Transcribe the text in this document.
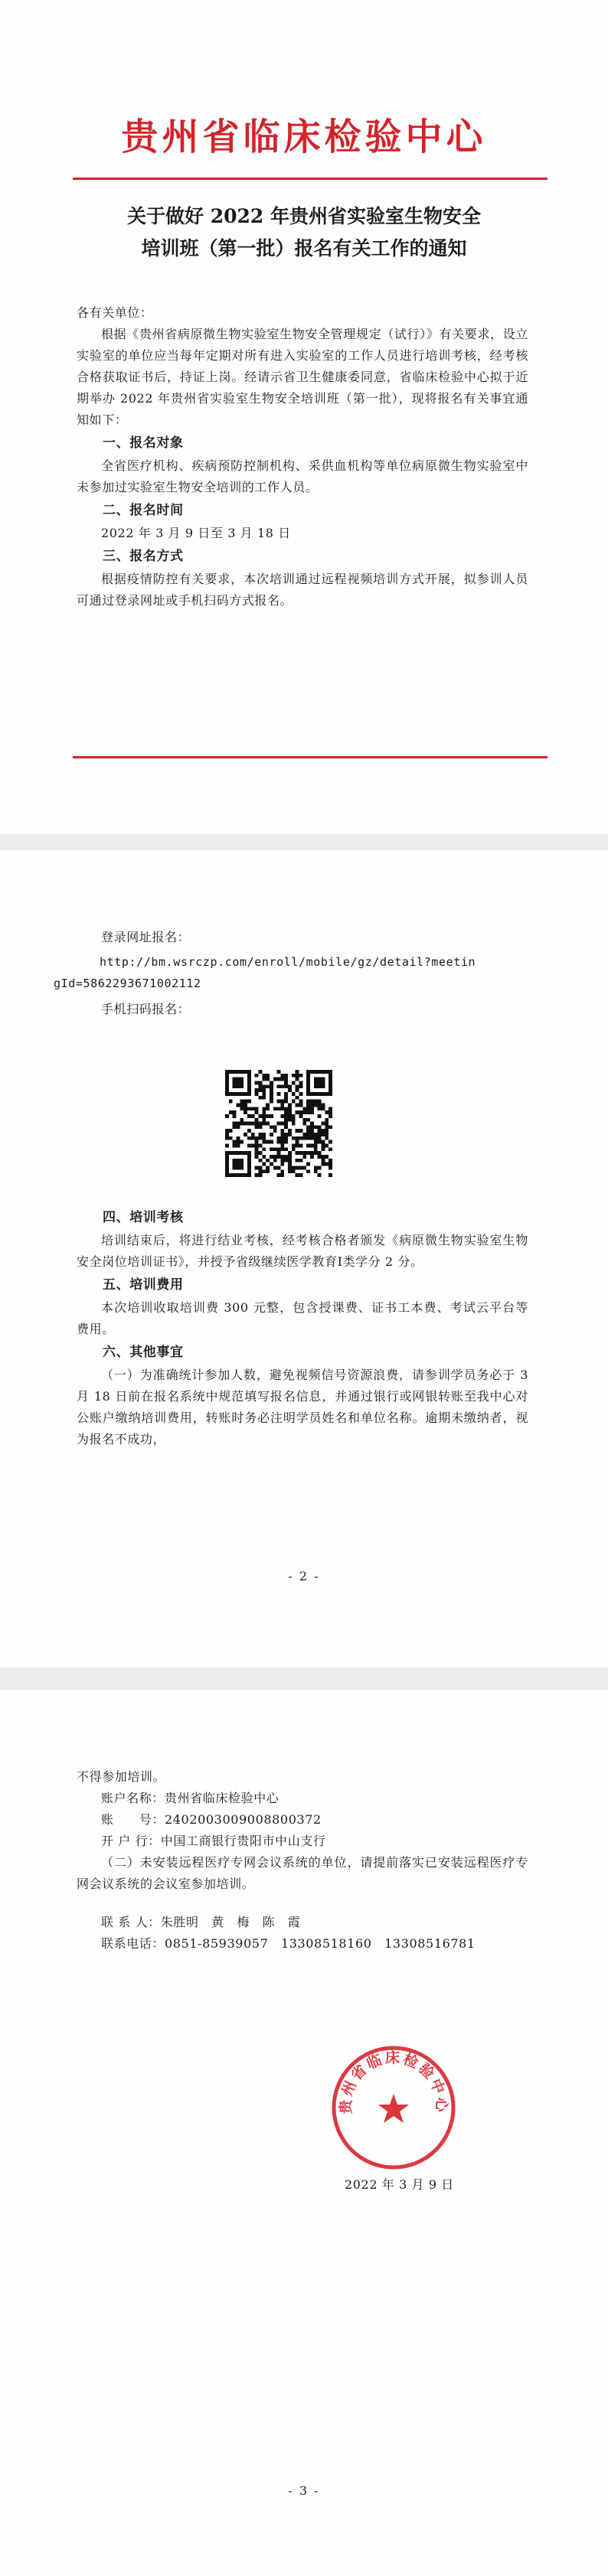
贵州省临床检验中心
关于做好 2022 年贵州省实验室生物安全
培训班（第一批）报名有关工作的通知

各有关单位：

根据《贵州省病原微生物实验室生物安全管理规定（试行）》有关要求，设立实验室的单位应当每年定期对所有进入实验室的工作人员进行培训考核，经考核合格获取证书后，持证上岗。经请示省卫生健康委同意，省临床检验中心拟于近期举办 2022 年贵州省实验室生物安全培训班（第一批），现将报名有关事宜通知如下：

一、报名对象

全省医疗机构、疾病预防控制机构、采供血机构等单位病原微生物实验室中未参加过实验室生物安全培训的工作人员。

二、报名时间

2022 年 3 月 9 日至 3 月 18 日

三、报名方式

根据疫情防控有关要求，本次培训通过远程视频培训方式开展，拟参训人员可通过登录网址或手机扫码方式报名。

登录网址报名：

http://bm.wsrczp.com/enroll/mobile/gz/detail?meetin
gId=5862293671002112

手机扫码报名：

四、培训考核

培训结束后，将进行结业考核，经考核合格者颁发《病原微生物实验室生物安全岗位培训证书》，并授予省级继续医学教育Ⅰ类学分 2 分。

五、培训费用

本次培训收取培训费 300 元整，包含授课费、证书工本费、考试云平台等费用。

六、其他事宜

（一）为准确统计参加人数，避免视频信号资源浪费，请参训学员务必于 3 月 18 日前在报名系统中规范填写报名信息，并通过银行或网银转账至我中心对公账户缴纳培训费用，转账时务必注明学员姓名和单位名称。逾期未缴纳者，视为报名不成功，

- 2 -

不得参加培训。

账户名称：贵州省临床检验中心

账　　号：2402003009008800372

开 户 行：中国工商银行贵阳市中山支行

（二）未安装远程医疗专网会议系统的单位，请提前落实已安装远程医疗专网会议系统的会议室参加培训。

联 系 人：朱胜明　黄　梅　陈　霞

联系电话：0851-85939057　13308518160　13308516781

贵州省临床检验中心
2022 年 3 月 9 日
- 3 -
